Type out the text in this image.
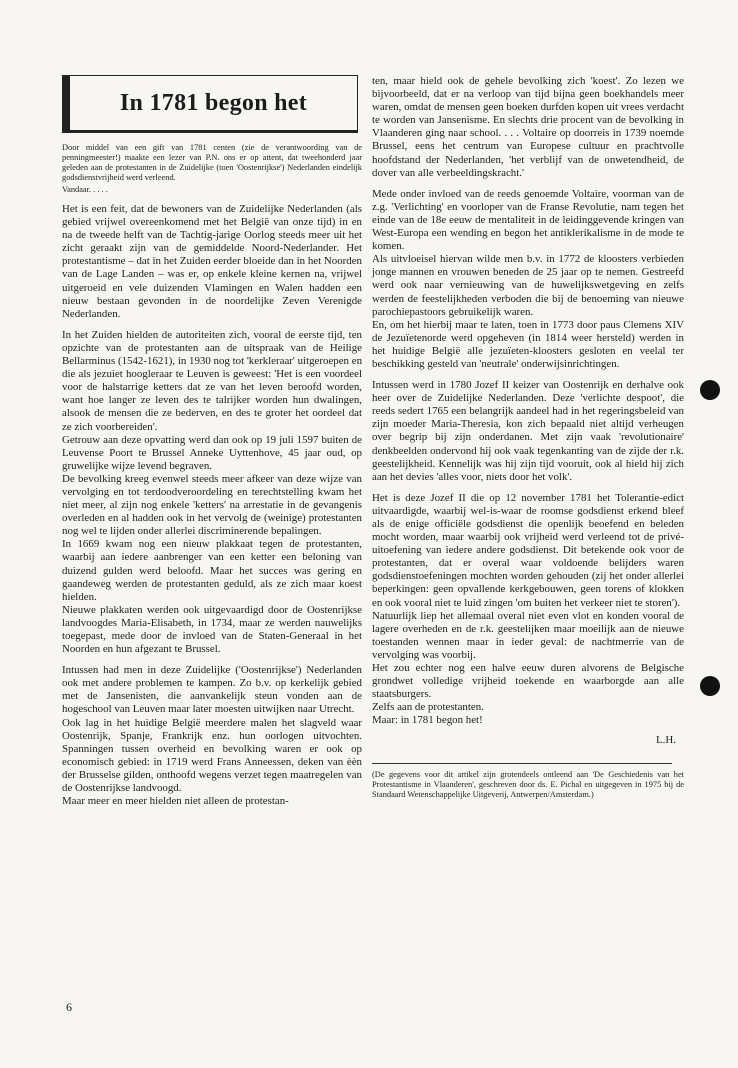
In 1781 begon het

Door middel van een gift van 1781 centen (zie de verantwoording van de penningmeester!) maakte een lezer van P.N. ons er op attent, dat tweehonderd jaar geleden aan de protestanten in de Zuidelijke (toen 'Oostenrijkse') Nederlanden eindelijk godsdienstvrijheid werd verleend.

Vandaar. . . . .

Het is een feit, dat de bewoners van de Zuidelijke Nederlanden (als gebied vrijwel overeenkomend met het België van onze tijd) in en na de tweede helft van de Tachtig-jarige Oorlog steeds meer uit het zicht geraakt zijn van de gemiddelde Noord-Nederlander. Het protestantisme – dat in het Zuiden eerder bloeide dan in het Noorden van de Lage Landen – was er, op enkele kleine kernen na, vrijwel uitgeroeid en vele duizenden Vlamingen en Walen hadden een nieuw bestaan gevonden in de noordelijke Zeven Verenigde Nederlanden.

In het Zuiden hielden de autoriteiten zich, vooral de eerste tijd, ten opzichte van de protestanten aan de uitspraak van de Heilige Bellarminus (1542-1621), in 1930 nog tot 'kerkleraar' uitgeroepen en die als jezuiet hoogleraar te Leuven is geweest: 'Het is een voordeel voor de halstarrige ketters dat ze van het leven beroofd worden, want hoe langer ze leven des te talrijker worden hun dwalingen, alsook de mensen die ze bederven, en des te groter het oordeel dat ze zich voorbereiden'.

Getrouw aan deze opvatting werd dan ook op 19 juli 1597 buiten de Leuvense Poort te Brussel Anneke Uyttenhove, 45 jaar oud, op gruwelijke wijze levend begraven.

De bevolking kreeg evenwel steeds meer afkeer van deze wijze van vervolging en tot terdoodveroordeling en terechtstelling kwam het niet meer, al zijn nog enkele 'ketters' na arrestatie in de gevangenis overleden en al hadden ook in het vervolg de (weinige) protestanten nog wel te lijden onder allerlei discriminerende bepalingen.

In 1669 kwam nog een nieuw plakkaat tegen de protestanten, waarbij aan iedere aanbrenger van een ketter een beloning van duizend gulden werd beloofd. Maar het succes was gering en gaandeweg werden de protestanten geduld, als ze zich maar koest hielden.

Nieuwe plakkaten werden ook uitgevaardigd door de Oostenrijkse landvoogdes Maria-Elisabeth, in 1734, maar ze werden nauwelijks toegepast, mede door de invloed van de Staten-Generaal in het Noorden en hun afgezant te Brussel.

Intussen had men in deze Zuidelijke ('Oostenrijkse') Nederlanden ook met andere problemen te kampen. Zo b.v. op kerkelijk gebied met de Jansenisten, die aanvankelijk steun vonden aan de hogeschool van Leuven maar later moesten uitwijken naar Utrecht.

Ook lag in het huidige België meerdere malen het slagveld waar Oostenrijk, Spanje, Frankrijk enz. hun oorlogen uitvochten. Spanningen tussen overheid en bevolking waren er ook op economisch gebied: in 1719 werd Frans Anneessen, deken van èèn der Brusselse gilden, onthoofd wegens verzet tegen maatregelen van de Oostenrijkse landvoogd.

Maar meer en meer hielden niet alleen de protestan-

ten, maar hield ook de gehele bevolking zich 'koest'. Zo lezen we bijvoorbeeld, dat er na verloop van tijd bijna geen boekhandels meer waren, omdat de mensen geen boeken durfden kopen uit vrees verdacht te worden van Jansenisme. En slechts drie procent van de bevolking in Vlaanderen ging naar school. . . . Voltaire op doorreis in 1739 noemde Brussel, eens het centrum van Europese cultuur en prachtvolle hoofdstand der Nederlanden, 'het verblijf van de onwetendheid, de dover van alle verbeeldingskracht.'

Mede onder invloed van de reeds genoemde Voltaire, voorman van de z.g. 'Verlichting' en voorloper van de Franse Revolutie, nam tegen het einde van de 18e eeuw de mentaliteit in de leidinggevende kringen van West-Europa een wending en begon het antiklerikalisme in de mode te komen.

Als uitvloeisel hiervan wilde men b.v. in 1772 de kloosters verbieden jonge mannen en vrouwen beneden de 25 jaar op te nemen. Gestreefd werd ook naar vernieuwing van de huwelijkswetgeving en zelfs werden de feestelijkheden verboden die bij de benoeming van nieuwe parochiepastoors gebruikelijk waren.

En, om het hierbij maar te laten, toen in 1773 door paus Clemens XIV de Jezuïetenorde werd opgeheven (in 1814 weer hersteld) werden in het huidige België alle jezuïeten-kloosters gesloten en veelal ter beschikking gesteld van 'neutrale' onderwijsinrichtingen.

Intussen werd in 1780 Jozef II keizer van Oostenrijk en derhalve ook heer over de Zuidelijke Nederlanden. Deze 'verlichte despoot', die reeds sedert 1765 een belangrijk aandeel had in het regeringsbeleid van zijn moeder Maria-Theresia, kon zich bepaald niet altijd verheugen over begrip bij zijn onderdanen. Met zijn vaak 'revolutionaire' denkbeelden ondervond hij ook vaak tegenkanting van de zijde der r.k. geestelijkheid. Kennelijk was hij zijn tijd vooruit, ook al hield hij zich aan het devies 'alles voor, niets door het volk'.

Het is deze Jozef II die op 12 november 1781 het Tolerantie-edict uitvaardigde, waarbij wel-is-waar de roomse godsdienst erkend bleef als de enige officiële godsdienst die openlijk beoefend en beleden mocht worden, maar waarbij ook vrijheid werd verleend tot de privé-uitoefening van iedere andere godsdienst. Dit betekende ook voor de protestanten, dat er overal waar voldoende belijders waren godsdienstoefeningen mochten worden gehouden (zij het onder allerlei beperkingen: geen opvallende kerkgebouwen, geen torens of klokken en ook vooral niet te luid zingen 'om buiten het verkeer niet te storen').

Natuurlijk liep het allemaal overal niet even vlot en konden vooral de lagere overheden en de r.k. geestelijken maar moeilijk aan de nieuwe toestanden wennen maar in ieder geval: de nachtmerrie van de vervolging was voorbij.

Het zou echter nog een halve eeuw duren alvorens de Belgische grondwet volledige vrijheid toekende en waarborgde aan alle staatsburgers.

Zelfs aan de protestanten.

Maar: in 1781 begon het!

L.H.

(De gegevens voor dit artikel zijn grotendeels ontleend aan 'De Geschiedenis van het Protestantisme in Vlaanderen', geschreven door ds. E. Pichal en uitgegeven in 1975 bij de Standaard Wetenschappelijke Uitgeverij, Antwerpen/Amsterdam.)

6
